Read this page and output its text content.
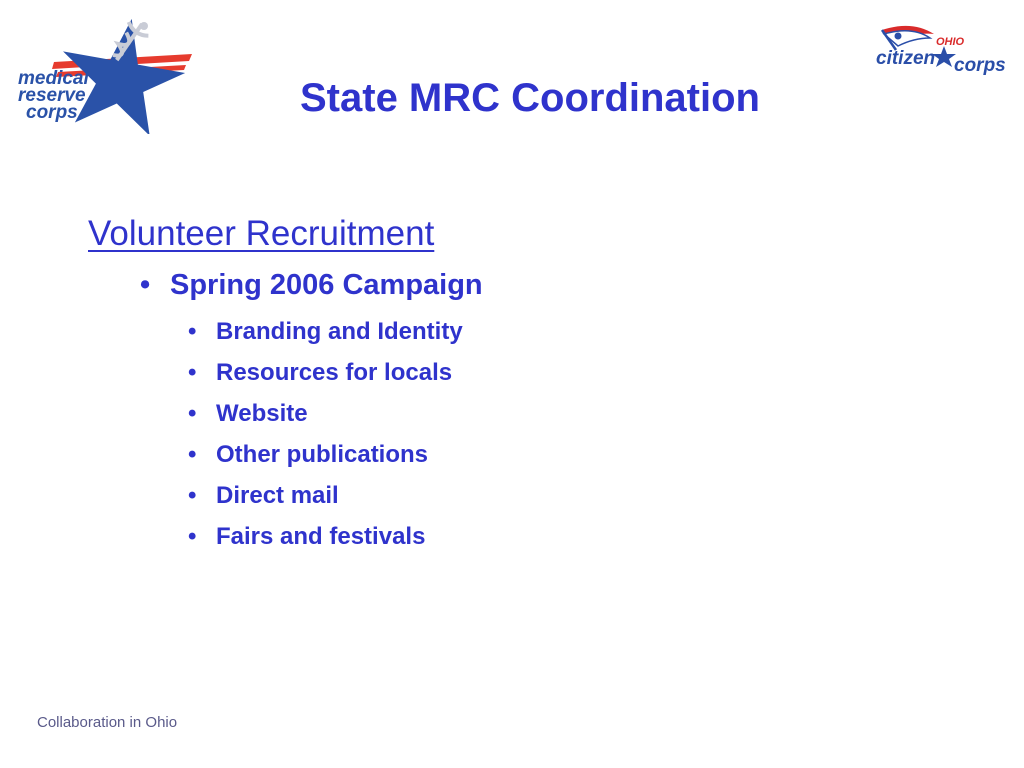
medical
reserve
corps
OHIO
citizen corps
State MRC Coordination
Volunteer Recruitment
• Spring 2006 Campaign
• Branding and Identity
• Resources for locals
• Website
• Other publications
• Direct mail
• Fairs and festivals
Collaboration in Ohio
